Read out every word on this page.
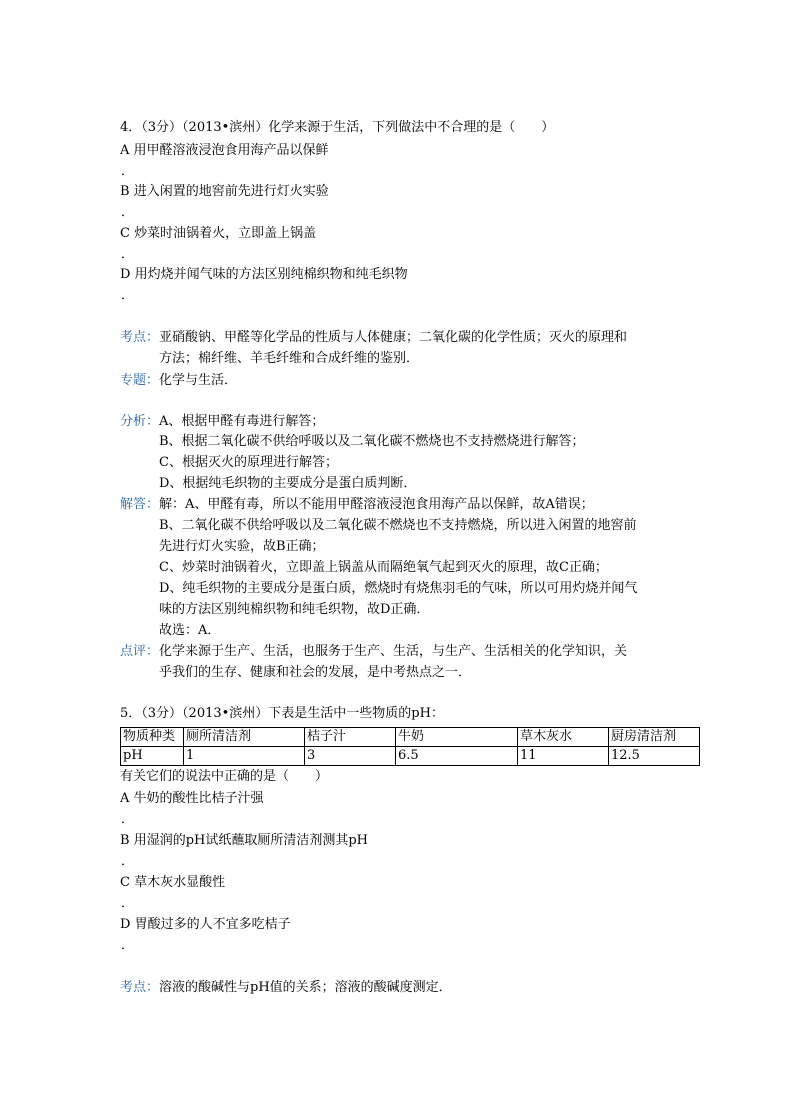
4．（3分）（2013•滨州）化学来源于生活，下列做法中不合理的是（　　）
A 用甲醛溶液浸泡食用海产品以保鲜
．
B 进入闲置的地窖前先进行灯火实验
．
C 炒菜时油锅着火，立即盖上锅盖
．
D 用灼烧并闻气味的方法区别纯棉织物和纯毛织物
．
考点：亚硝酸钠、甲醛等化学品的性质与人体健康；二氧化碳的化学性质；灭火的原理和
方法；棉纤维、羊毛纤维和合成纤维的鉴别．
专题：化学与生活．
分析：A、根据甲醛有毒进行解答；
B、根据二氧化碳不供给呼吸以及二氧化碳不燃烧也不支持燃烧进行解答；
C、根据灭火的原理进行解答；
D、根据纯毛织物的主要成分是蛋白质判断．
解答：解：A、甲醛有毒，所以不能用甲醛溶液浸泡食用海产品以保鲜，故A错误；
B、二氧化碳不供给呼吸以及二氧化碳不燃烧也不支持燃烧，所以进入闲置的地窖前
先进行灯火实验，故B正确；
C、炒菜时油锅着火，立即盖上锅盖从而隔绝氧气起到灭火的原理，故C正确；
D、纯毛织物的主要成分是蛋白质，燃烧时有烧焦羽毛的气味，所以可用灼烧并闻气
味的方法区别纯棉织物和纯毛织物，故D正确．
故选：A．
点评：化学来源于生产、生活，也服务于生产、生活，与生产、生活相关的化学知识，关
乎我们的生存、健康和社会的发展，是中考热点之一．
5．（3分）（2013•滨州）下表是生活中一些物质的pH：
物质种类	厕所清洁剂	桔子汁	牛奶	草木灰水	厨房清洁剂
pH	1	3	6.5	11	12.5
有关它们的说法中正确的是（　　）
A 牛奶的酸性比桔子汁强
．
B 用湿润的pH试纸蘸取厕所清洁剂测其pH
．
C 草木灰水显酸性
．
D 胃酸过多的人不宜多吃桔子
．
考点：溶液的酸碱性与pH值的关系；溶液的酸碱度测定．
